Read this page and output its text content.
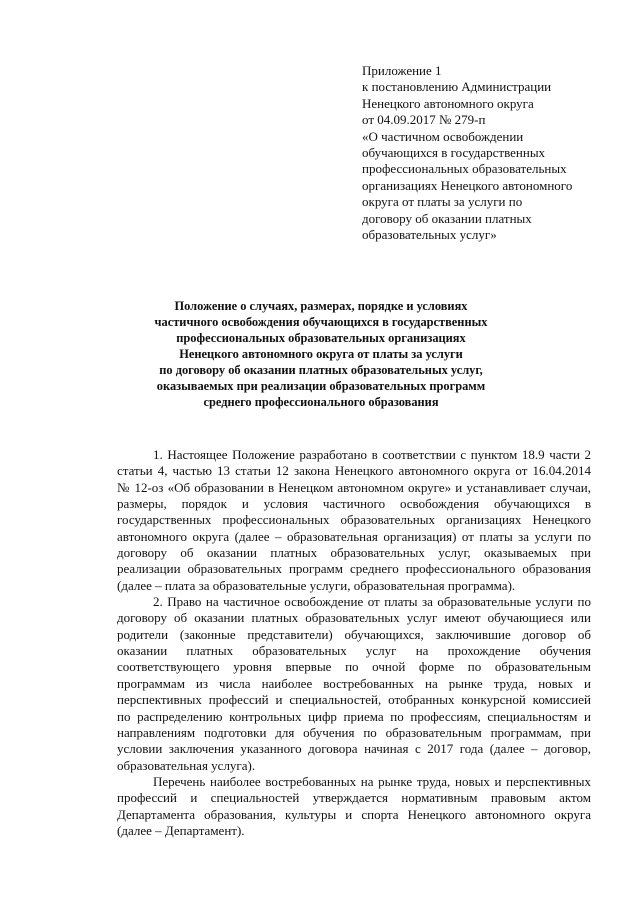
Приложение 1
к постановлению Администрации
Ненецкого автономного округа
от 04.09.2017 № 279-п
«О частичном освобождении
обучающихся в государственных
профессиональных образовательных
организациях Ненецкого автономного
округа от платы за услуги по
договору об оказании платных
образовательных услуг»
Положение о случаях, размерах, порядке и условиях
частичного освобождения обучающихся в государственных
профессиональных образовательных организациях
Ненецкого автономного округа от платы за услуги
по договору об оказании платных образовательных услуг,
оказываемых при реализации образовательных программ
среднего профессионального образования
1. Настоящее Положение разработано в соответствии с пунктом 18.9 части 2
статьи 4, частью 13 статьи 12 закона Ненецкого автономного округа от 16.04.2014
№ 12-оз «Об образовании в Ненецком автономном округе» и устанавливает случаи,
размеры, порядок и условия частичного освобождения обучающихся в
государственных профессиональных образовательных организациях Ненецкого
автономного округа (далее – образовательная организация) от платы за услуги по
договору об оказании платных образовательных услуг, оказываемых при
реализации образовательных программ среднего профессионального образования
(далее – плата за образовательные услуги, образовательная программа).
2. Право на частичное освобождение от платы за образовательные услуги по
договору об оказании платных образовательных услуг имеют обучающиеся или
родители (законные представители) обучающихся, заключившие договор об
оказании платных образовательных услуг на прохождение обучения
соответствующего уровня впервые по очной форме по образовательным
программам из числа наиболее востребованных на рынке труда, новых и
перспективных профессий и специальностей, отобранных конкурсной комиссией
по распределению контрольных цифр приема по профессиям, специальностям и
направлениям подготовки для обучения по образовательным программам, при
условии заключения указанного договора начиная с 2017 года (далее – договор,
образовательная услуга).
Перечень наиболее востребованных на рынке труда, новых и перспективных
профессий и специальностей утверждается нормативным правовым актом
Департамента образования, культуры и спорта Ненецкого автономного округа
(далее – Департамент).
